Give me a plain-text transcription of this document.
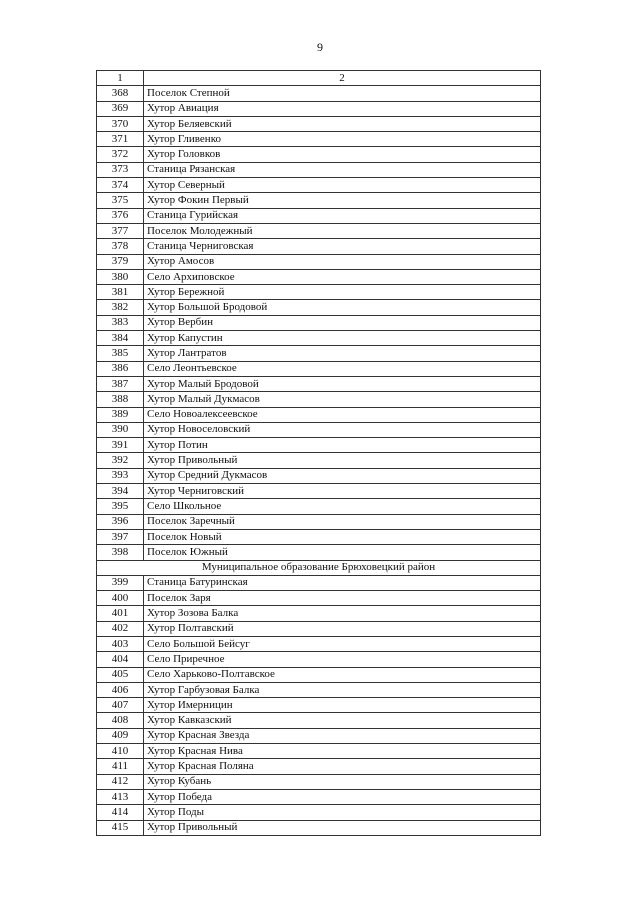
9
1	2
368	Поселок Степной
369	Хутор Авиация
370	Хутор Беляевский
371	Хутор Гливенко
372	Хутор Головков
373	Станица Рязанская
374	Хутор Северный
375	Хутор Фокин Первый
376	Станица Гурийская
377	Поселок Молодежный
378	Станица Черниговская
379	Хутор Амосов
380	Село Архиповское
381	Хутор Бережной
382	Хутор Большой Бродовой
383	Хутор Вербин
384	Хутор Капустин
385	Хутор Лантратов
386	Село Леонтьевское
387	Хутор Малый Бродовой
388	Хутор Малый Дукмасов
389	Село Новоалексеевское
390	Хутор Новоселовский
391	Хутор Потин
392	Хутор Привольный
393	Хутор Средний Дукмасов
394	Хутор Черниговский
395	Село Школьное
396	Поселок Заречный
397	Поселок Новый
398	Поселок Южный
Муниципальное образование Брюховецкий район	
399	Станица Батуринская
400	Поселок Заря
401	Хутор Зозова Балка
402	Хутор Полтавский
403	Село Большой Бейсуг
404	Село Приречное
405	Село Харьково-Полтавское
406	Хутор Гарбузовая Балка
407	Хутор Имерницин
408	Хутор Кавказский
409	Хутор Красная Звезда
410	Хутор Красная Нива
411	Хутор Красная Поляна
412	Хутор Кубань
413	Хутор Победа
414	Хутор Поды
415	Хутор Привольный
